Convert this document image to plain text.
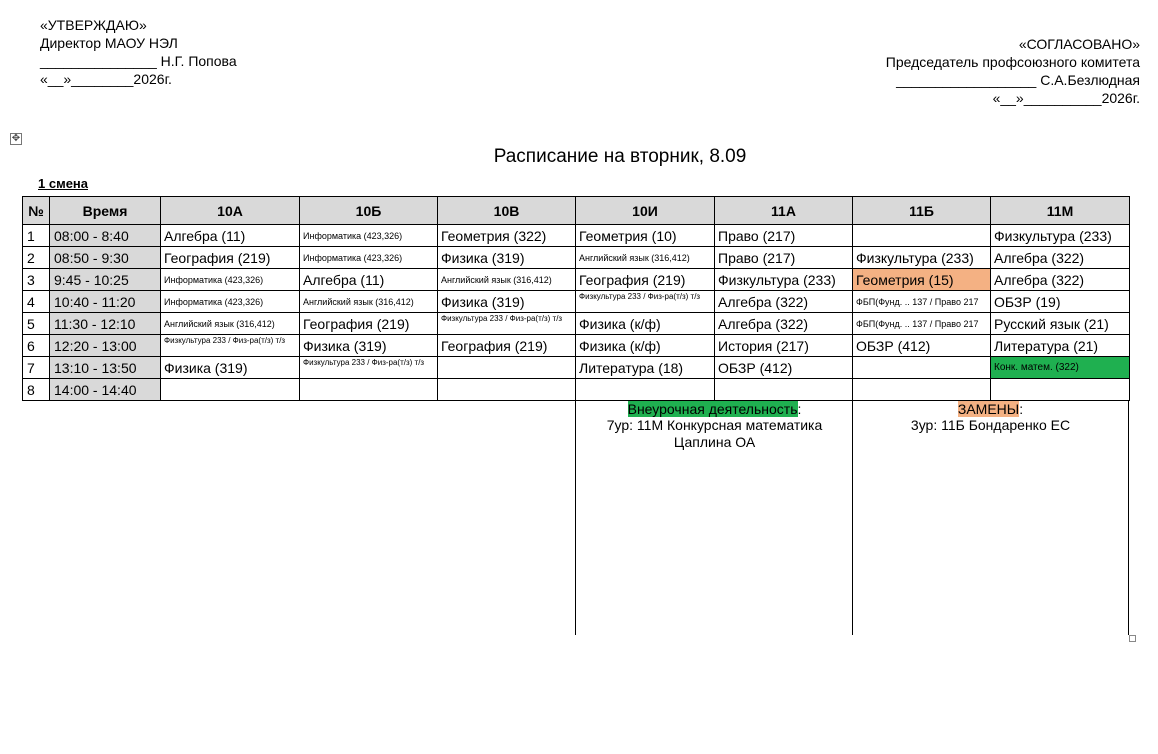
«УТВЕРЖДАЮ»
Директор МАОУ НЭЛ
_______________ Н.Г. Попова
«__»________2026г.
«СОГЛАСОВАНО»
Председатель профсоюзного комитета
__________________ С.А.Безлюдная
«__»__________2026г.
✥
Расписание на вторник, 8.09
1 смена
№	Время	10А	10Б	10В	10И	11А	11Б	11М
1	08:00 - 8:40	Алгебра (11)	Информатика (423,326)	Геометрия (322)	Геометрия (10)	Право (217)		Физкультура (233)
2	08:50 - 9:30	География (219)	Информатика (423,326)	Физика (319)	Английский язык (316,412)	Право (217)	Физкультура (233)	Алгебра (322)
3	9:45 - 10:25	Информатика (423,326)	Алгебра (11)	Английский язык (316,412)	География (219)	Физкультура (233)	Геометрия (15)	Алгебра (322)
4	10:40 - 11:20	Информатика (423,326)	Английский язык (316,412)	Физика (319)	Физкультура 233 / Физ-ра(т/з) т/з	Алгебра (322)	ФБП(Фунд. .. 137 / Право 217	ОБЗР (19)
5	11:30 - 12:10	Английский язык (316,412)	География (219)	Физкультура 233 / Физ-ра(т/з) т/з	Физика (к/ф)	Алгебра (322)	ФБП(Фунд. .. 137 / Право 217	Русский язык (21)
6	12:20 - 13:00	Физкультура 233 / Физ-ра(т/з) т/з	Физика (319)	География (219)	Физика (к/ф)	История (217)	ОБЗР (412)	Литература (21)
7	13:10 - 13:50	Физика (319)	Физкультура 233 / Физ-ра(т/з) т/з		Литература (18)	ОБЗР (412)		Конк. матем. (322)
8	14:00 - 14:40							
Внеурочная деятельность:
7ур: 11М Конкурсная математика
Цаплина ОА
ЗАМЕНЫ:
3ур: 11Б Бондаренко ЕС
